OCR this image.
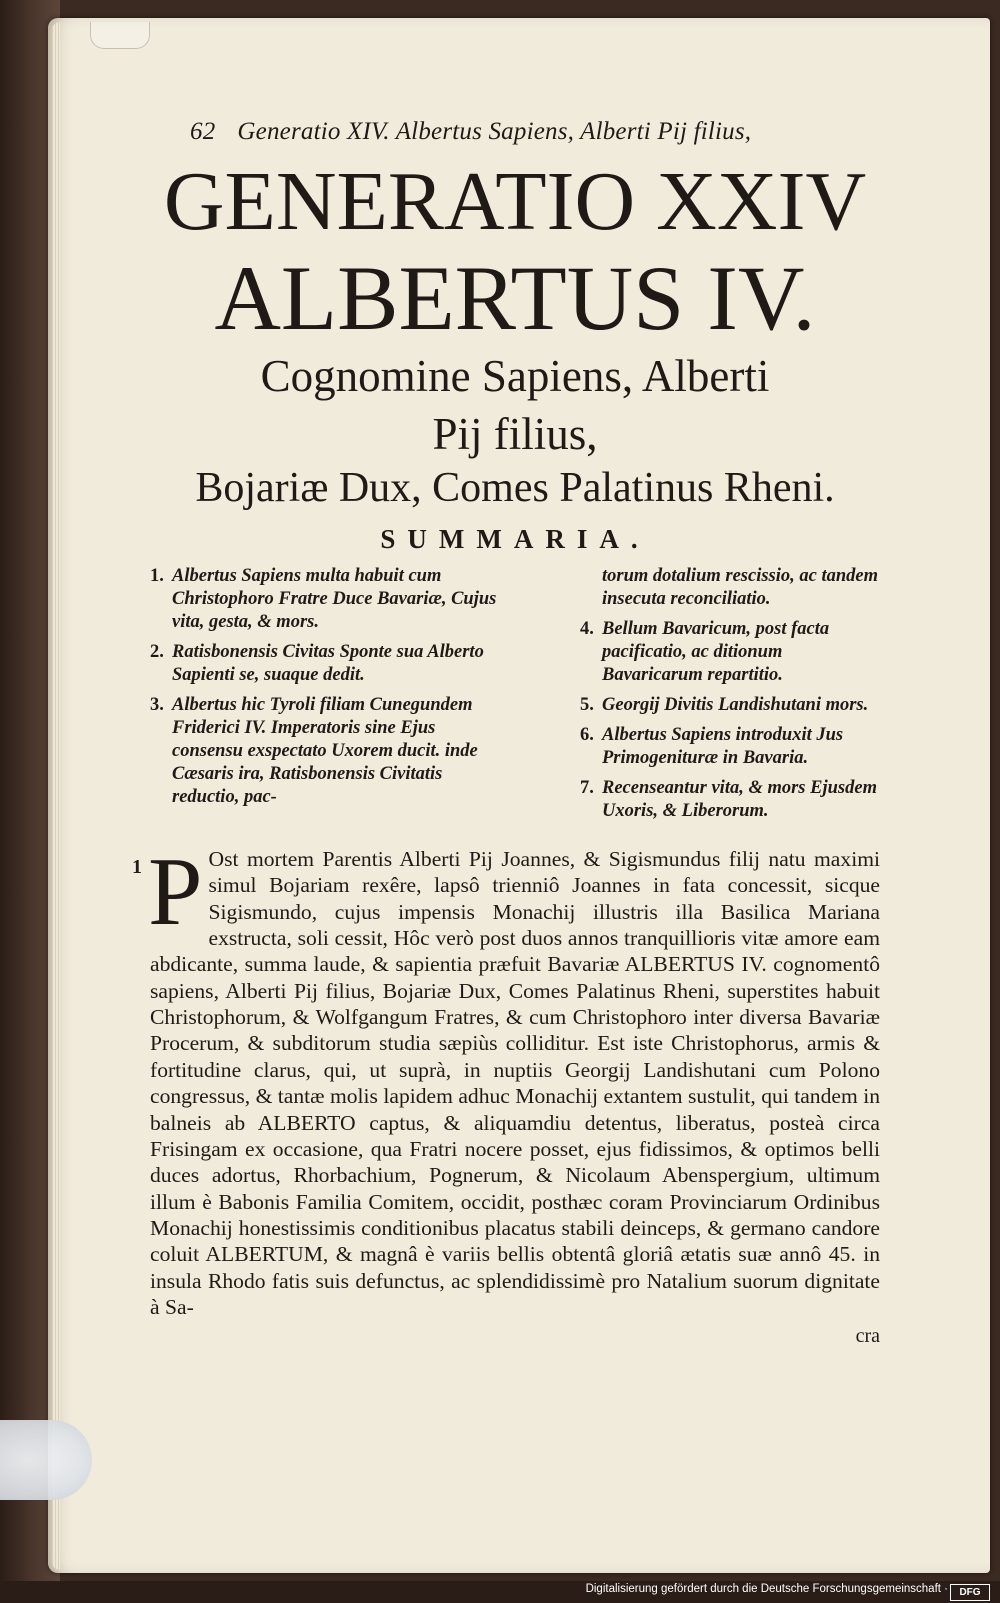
62 Generatio XIV. Albertus Sapiens, Alberti Pij filius,
GENERATIO XXIV
ALBERTUS IV.
Cognomine Sapiens, Alberti
Pij filius,
Bojariæ Dux, Comes Palatinus Rheni.
SUMMARIA.
1. Albertus Sapiens multa habuit cum Christophoro Fratre Duce Bavariæ, Cujus vita, gesta, & mors.
2. Ratisbonensis Civitas Sponte sua Alberto Sapienti se, suaque dedit.
3. Albertus hic Tyroli filiam Cunegundem Friderici IV. Imperatoris sine Ejus consensu exspectato Uxorem ducit. inde Cæsaris ira, Ratisbonensis Civitatis reductio, pac-
torum dotalium rescissio, ac tandem insecuta reconciliatio.
4. Bellum Bavaricum, post facta pacificatio, ac ditionum Bavaricarum repartitio.
5. Georgij Divitis Landishutani mors.
6. Albertus Sapiens introduxit Jus Primogenituræ in Bavaria.
7. Recenseantur vita, & mors Ejusdem Uxoris, & Liberorum.
1 P Ost mortem Parentis Alberti Pij Joannes, & Sigismundus filij natu maximi simul Bojariam rexêre, lapsô trienniô Joannes in fata concessit, sicque Sigismundo, cujus impensis Monachij illustris illa Basilica Mariana exstructa, soli cessit, Hôc verò post duos annos tranquillioris vitæ amore eam abdicante, summa laude, & sapientia præfuit Bavariæ ALBERTUS IV. cognomentô sapiens, Alberti Pij filius, Bojariæ Dux, Comes Palatinus Rheni, superstites habuit Christophorum, & Wolfgangum Fratres, & cum Christophoro inter diversa Bavariæ Procerum, & subditorum studia sæpiùs colliditur. Est iste Christophorus, armis & fortitudine clarus, qui, ut suprà, in nuptiis Georgij Landishutani cum Polono congressus, & tantæ molis lapidem adhuc Monachij extantem sustulit, qui tandem in balneis ab ALBERTO captus, & aliquamdiu detentus, liberatus, posteà circa Frisingam ex occasione, qua Fratri nocere posset, ejus fidissimos, & optimos belli duces adortus, Rhorbachium, Pognerum, & Nicolaum Abenspergium, ultimum illum è Babonis Familia Comitem, occidit, posthæc coram Provinciarum Ordinibus Monachij honestissimis conditionibus placatus stabili deinceps, & germano candore coluit ALBERTUM, & magnâ è variis bellis obtentâ gloriâ ætatis suæ annô 45. in insula Rhodo fatis suis defunctus, ac splendidissimè pro Natalium suorum dignitate à Sa-
cra
Digitalisierung gefördert durch die Deutsche Forschungsgemeinschaft ·	DFG
